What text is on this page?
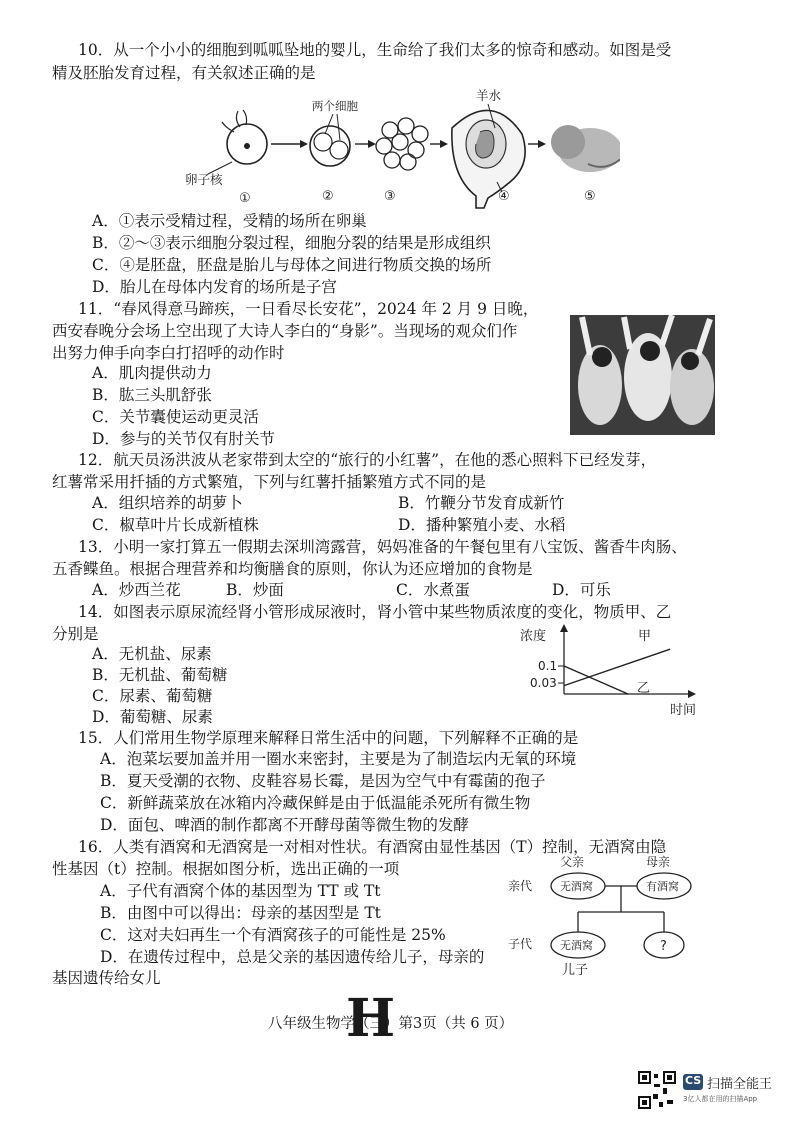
10．从一个小小的细胞到呱呱坠地的婴儿，生命给了我们太多的惊奇和感动。如图是受
精及胚胎发育过程，有关叙述正确的是
两个细胞
羊水
卵子核
①	②	③	④	⑤
A．①表示受精过程，受精的场所在卵巢
B．②～③表示细胞分裂过程，细胞分裂的结果是形成组织
C．④是胚盘，胚盘是胎儿与母体之间进行物质交换的场所
D．胎儿在母体内发育的场所是子宫
11．“春风得意马蹄疾，一日看尽长安花”，2024 年 2 月 9 日晚，
西安春晚分会场上空出现了大诗人李白的“身影”。当现场的观众们作
出努力伸手向李白打招呼的动作时
A．肌肉提供动力
B．肱三头肌舒张
C．关节囊使运动更灵活
D．参与的关节仅有肘关节
12．航天员汤洪波从老家带到太空的“旅行的小红薯”，在他的悉心照料下已经发芽，
红薯常采用扦插的方式繁殖，下列与红薯扦插繁殖方式不同的是
A．组织培养的胡萝卜	B．竹鞭分节发育成新竹
C．椒草叶片长成新植株	D．播种繁殖小麦、水稻
13．小明一家打算五一假期去深圳湾露营，妈妈准备的午餐包里有八宝饭、酱香牛肉肠、
五香鲽鱼。根据合理营养和均衡膳食的原则，你认为还应增加的食物是
A．炒西兰花	B．炒面	C．水煮蛋	D．可乐
14．如图表示原尿流经肾小管形成尿液时，肾小管中某些物质浓度的变化，物质甲、乙
分别是
A．无机盐、尿素
B．无机盐、葡萄糖
C．尿素、葡萄糖
D．葡萄糖、尿素
浓度
时间
0.1
0.03
甲
乙
15．人们常用生物学原理来解释日常生活中的问题，下列解释不正确的是
A．泡菜坛要加盖并用一圈水来密封，主要是为了制造坛内无氧的环境
B．夏天受潮的衣物、皮鞋容易长霉，是因为空气中有霉菌的孢子
C．新鲜蔬菜放在冰箱内冷藏保鲜是由于低温能杀死所有微生物
D．面包、啤酒的制作都离不开酵母菌等微生物的发酵
16．人类有酒窝和无酒窝是一对相对性状。有酒窝由显性基因（T）控制，无酒窝由隐
性基因（t）控制。根据如图分析，选出正确的一项
A．子代有酒窝个体的基因型为 TT 或 Tt
B．由图中可以得出：母亲的基因型是 Tt
C．这对夫妇再生一个有酒窝孩子的可能性是 25%
D．在遗传过程中，总是父亲的基因遗传给儿子，母亲的
基因遗传给女儿
父亲	母亲
亲代
子代
无酒窝	有酒窝
无酒窝	?
儿子
H
八年级生物学（三）第3页（共 6 页）
CS 扫描全能王
3亿人都在用的扫描App
